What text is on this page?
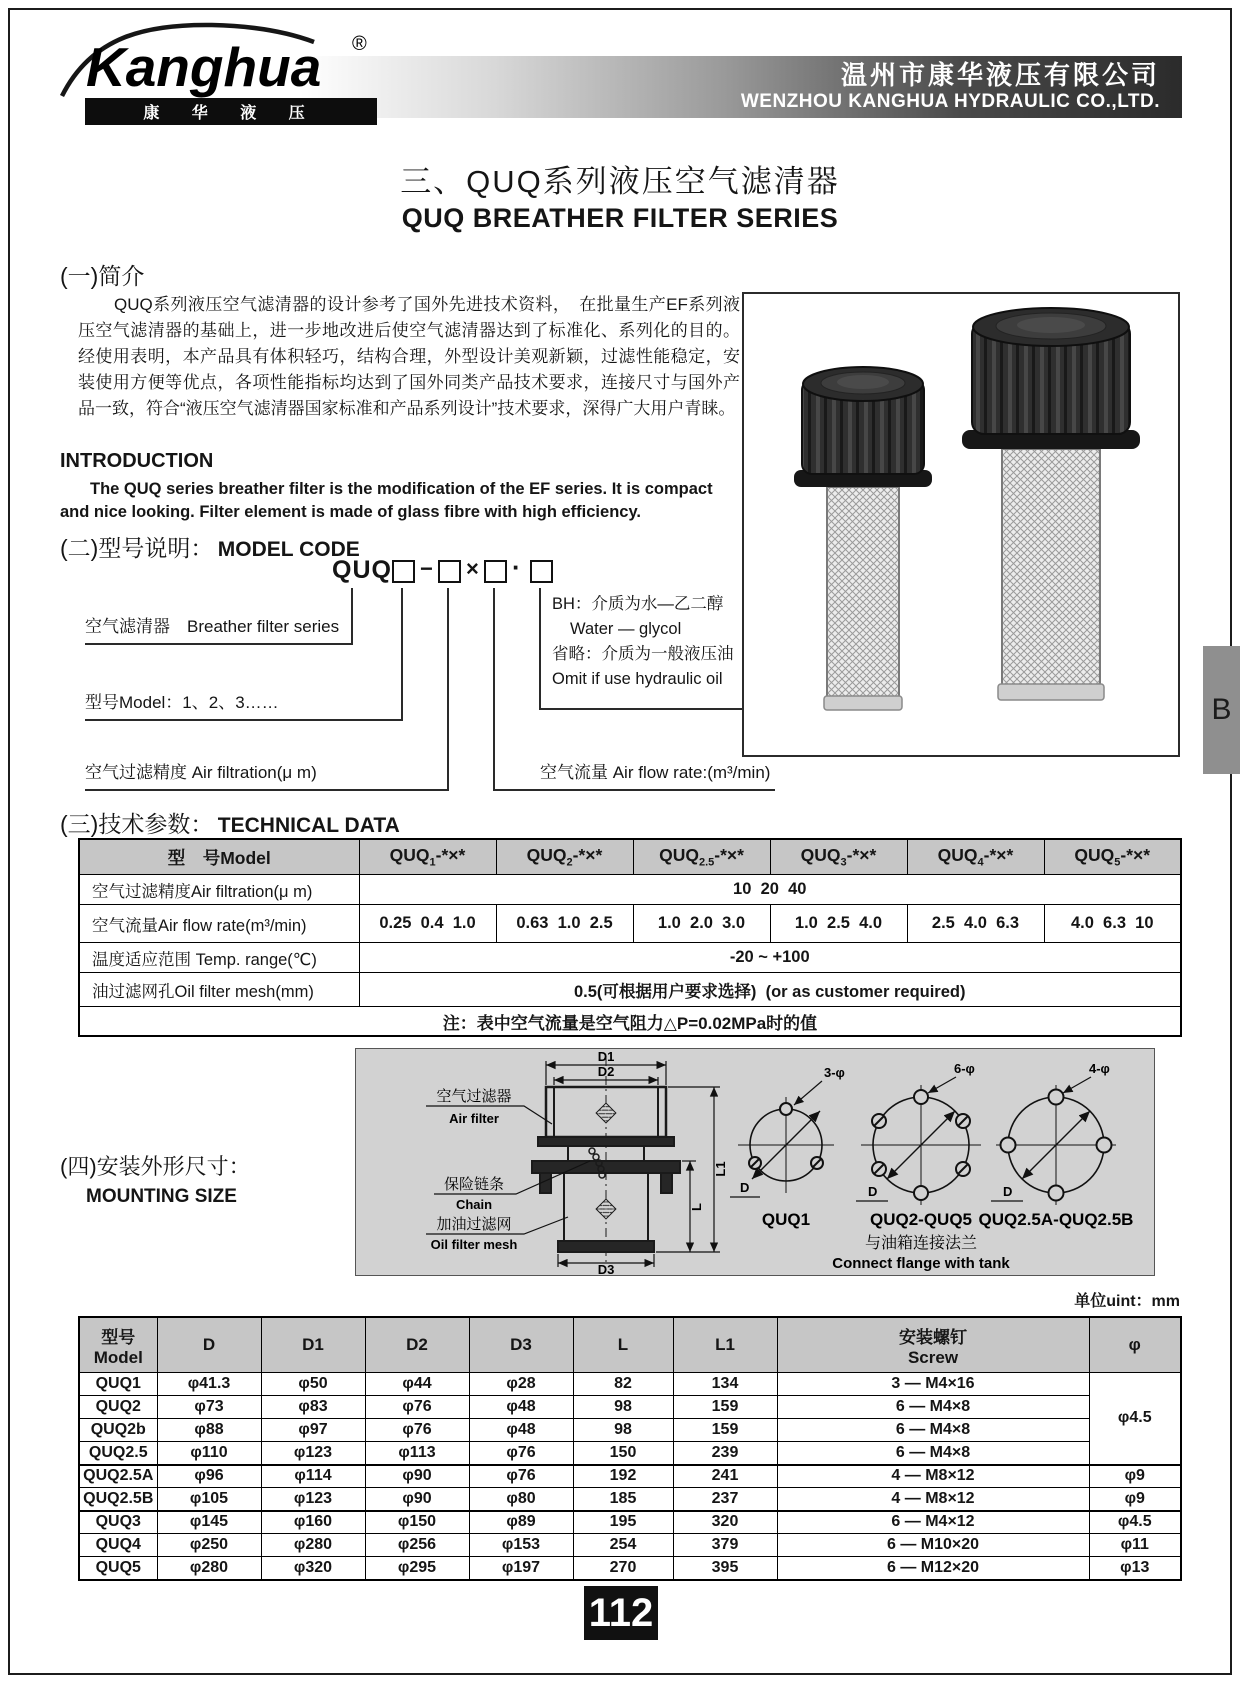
温州市康华液压有限公司
WENZHOU KANGHUA HYDRAULIC CO.,LTD.
Kanghua ®
康 华 液 压
三、QUQ系列液压空气滤清器
QUQ BREATHER FILTER SERIES
(一)简介
QUQ系列液压空气滤清器的设计参考了国外先进技术资料，　在批量生产EF系列液压空气滤清器的基础上，进一步地改进后使空气滤清器达到了标准化、系列化的目的。经使用表明，本产品具有体积轻巧，结构合理，外型设计美观新颖，过滤性能稳定，安装使用方便等优点，各项性能指标均达到了国外同类产品技术要求，连接尺寸与国外产品一致，符合“液压空气滤清器国家标准和产品系列设计”技术要求，深得广大用户青睐。
INTRODUCTION
The QUQ series breather filter is the modification of the EF series. It is compact and nice looking. Filter element is made of glass fibre with high efficiency.
(二)型号说明： MODEL CODE
QUQ − × ·
空气滤清器　Breather filter series
型号Model：1、2、3……
空气过滤精度 Air filtration(μ m)	空气流量 Air flow rate:(m³/min)
BH：介质为水—乙二醇
Water — glycol
省略：介质为一般液压油
Omit if use hydraulic oil
(三)技术参数： TECHNICAL DATA
型　号Model	$QUQ_1-*\times*$	$QUQ_2-*\times*$	$QUQ_{2.5}-*\times*$	$QUQ_3-*\times*$	$QUQ_4-*\times*$	$QUQ_5-*\times*$
空气过滤精度Air filtration(μ m)	10  20  40					
空气流量Air flow rate(m³/min)	0.25  0.4  1.0	0.63  1.0  2.5	1.0  2.0  3.0	1.0  2.5  4.0	2.5  4.0  6.3	4.0  6.3  10
温度适应范围 Temp. range(℃)	-20 ~ +100					
油过滤网孔Oil filter mesh(mm)	0.5(可根据用户要求选择)  (or as customer required)					
注：表中空气流量是空气阻力△P=0.02MPa时的值						
(四)安装外形尺寸：
MOUNTING SIZE
D1
D2
D3
L
L1
空气过滤器
Air filter
保险链条
Chain
加油过滤网
Oil filter mesh
3-φ
D
QUQ1
6-φ
D
QUQ2-QUQ5
与油箱连接法兰
Connect flange with tank
4-φ
D
QUQ2.5A-QUQ2.5B
单位uint：mm
型号
Model
	D	D1	D2	D3	L	L1	安装螺钉
Screw
	φ
QUQ1	φ41.3	φ50	φ44	φ28	82	134	3 — M4×16	φ4.5
QUQ2	φ73	φ83	φ76	φ48	98	159	6 — M4×8	
QUQ2b	φ88	φ97	φ76	φ48	98	159	6 — M4×8	
QUQ2.5	φ110	φ123	φ113	φ76	150	239	6 — M4×8	
QUQ2.5A	φ96	φ114	φ90	φ76	192	241	4 — M8×12	φ9
QUQ2.5B	φ105	φ123	φ90	φ80	185	237	4 — M8×12	φ9
QUQ3	φ145	φ160	φ150	φ89	195	320	6 — M4×12	φ4.5
QUQ4	φ250	φ280	φ256	φ153	254	379	6 — M10×20	φ11
QUQ5	φ280	φ320	φ295	φ197	270	395	6 — M12×20	φ13
112
B
